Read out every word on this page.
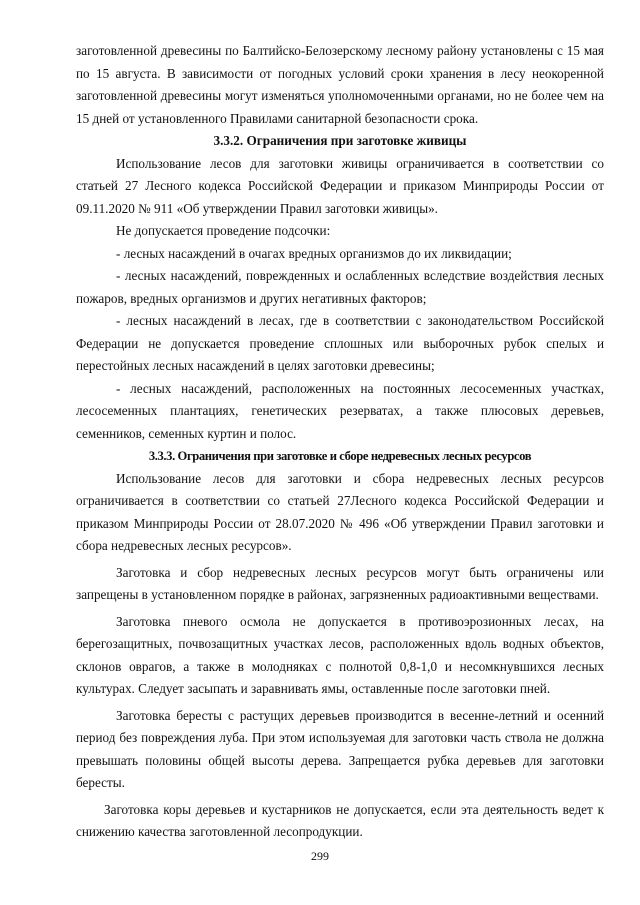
заготовленной древесины по Балтийско-Белозерскому лесному району установлены с 15 мая по 15 августа. В зависимости от погодных условий сроки хранения в лесу неокоренной заготовленной древесины могут изменяться уполномоченными органами, но не более чем на 15 дней от установленного Правилами санитарной безопасности срока.

3.3.2. Ограничения при заготовке живицы

Использование лесов для заготовки живицы ограничивается в соответствии со статьей 27 Лесного кодекса Российской Федерации и приказом Минприроды России от 09.11.2020 № 911 «Об утверждении Правил заготовки живицы».

Не допускается проведение подсочки:

- лесных насаждений в очагах вредных организмов до их ликвидации;

- лесных насаждений, поврежденных и ослабленных вследствие воздействия лесных пожаров, вредных организмов и других негативных факторов;

- лесных насаждений в лесах, где в соответствии с законодательством Российской Федерации не допускается проведение сплошных или выборочных рубок спелых и перестойных лесных насаждений в целях заготовки древесины;

- лесных насаждений, расположенных на постоянных лесосеменных участках, лесосеменных плантациях, генетических резерватах, а также плюсовых деревьев, семенников, семенных куртин и полос.

3.3.3. Ограничения при заготовке и сборе недревесных лесных ресурсов

Использование лесов для заготовки и сбора недревесных лесных ресурсов ограничивается в соответствии со статьей 27Лесного кодекса Российской Федерации и приказом Минприроды России от 28.07.2020 № 496 «Об утверждении Правил заготовки и сбора недревесных лесных ресурсов».

Заготовка и сбор недревесных лесных ресурсов могут быть ограничены или запрещены в установленном порядке в районах, загрязненных радиоактивными веществами.

Заготовка пневого осмола не допускается в противоэрозионных лесах, на берегозащитных, почвозащитных участках лесов, расположенных вдоль водных объектов, склонов оврагов, а также в молодняках с полнотой 0,8-1,0 и несомкнувшихся лесных культурах. Следует засыпать и заравнивать ямы, оставленные после заготовки пней.

Заготовка бересты с растущих деревьев производится в весенне-летний и осенний период без повреждения луба. При этом используемая для заготовки часть ствола не должна превышать половины общей высоты дерева. Запрещается рубка деревьев для заготовки бересты.

Заготовка коры деревьев и кустарников не допускается, если эта деятельность ведет к снижению качества заготовленной лесопродукции.

299
